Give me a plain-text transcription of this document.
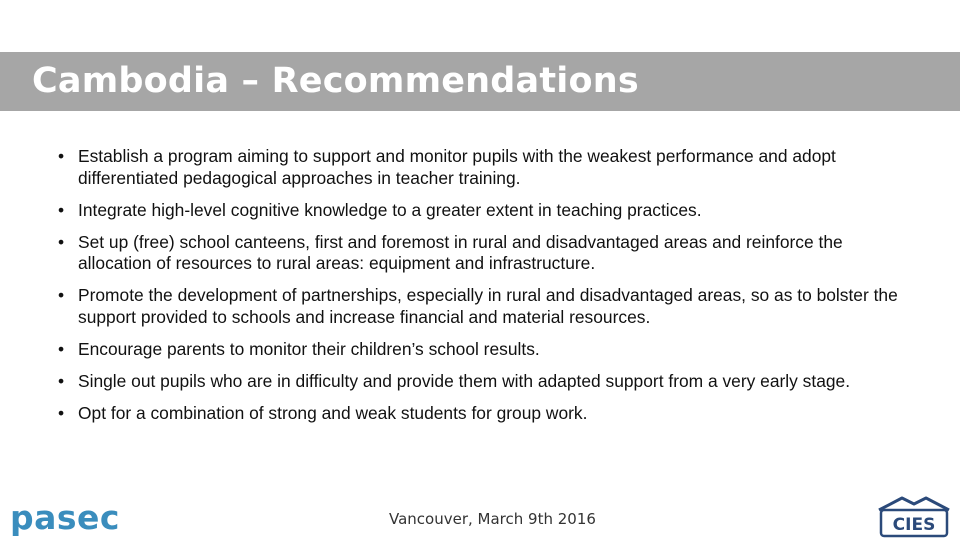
Cambodia – Recommendations
• Establish a program aiming to support and monitor pupils with the weakest performance and adopt differentiated pedagogical approaches in teacher training.
• Integrate high-level cognitive knowledge to a greater extent in teaching practices.
• Set up (free) school canteens, first and foremost in rural and disadvantaged areas and reinforce the allocation of resources to rural areas: equipment and infrastructure.
• Promote the development of partnerships, especially in rural and disadvantaged areas, so as to bolster the support provided to schools and increase financial and material resources.
• Encourage parents to monitor their children’s school results.
• Single out pupils who are in difficulty and provide them with adapted support from a very early stage.
• Opt for a combination of strong and weak students for group work.
pasec	Vancouver, March 9th 2016	CIES
